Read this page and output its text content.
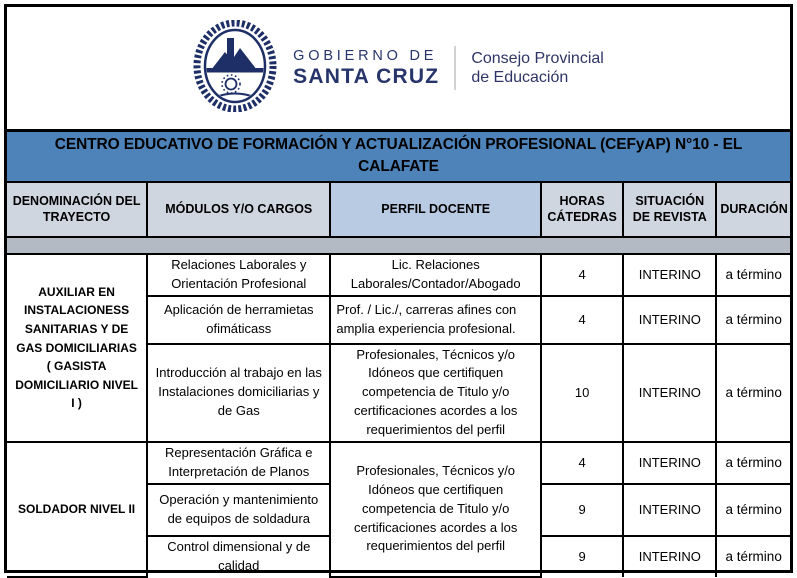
GOBIERNO DE
SANTA CRUZ
Consejo Provincial
de Educación
CENTRO EDUCATIVO DE FORMACIÓN Y ACTUALIZACIÓN PROFESIONAL (CEFyAP) N°10 - EL CALAFATE
DENOMINACIÓN DEL TRAYECTO	MÓDULOS Y/O CARGOS	PERFIL DOCENTE	HORAS CÁTEDRAS	SITUACIÓN DE REVISTA	DURACIÓN

AUXILIAR EN INSTALACIONESS SANITARIAS Y DE GAS DOMICILIARIAS ( GASISTA DOMICILIARIO NIVEL I )	Relaciones Laborales y Orientación Profesional	Lic. Relaciones Laborales/Contador/Abogado	4	INTERINO	a término
	Aplicación de herramietas ofimáticass	Prof. / Lic./, carreras afines con amplia experiencia profesional.	4	INTERINO	a término
	Introducción al trabajo en las Instalaciones domiciliarias y de Gas	Profesionales, Técnicos y/o Idóneos que certifiquen competencia de Titulo y/o certificaciones acordes a los requerimientos del perfil	10	INTERINO	a término
SOLDADOR NIVEL II	Representación Gráfica e Interpretación de Planos	Profesionales, Técnicos y/o Idóneos que certifiquen competencia de Titulo y/o certificaciones acordes a los requerimientos del perfil	4	INTERINO	a término
	Operación y mantenimiento de equipos de soldadura		9	INTERINO	a término
	Control dimensional y de calidad		9	INTERINO	a término
